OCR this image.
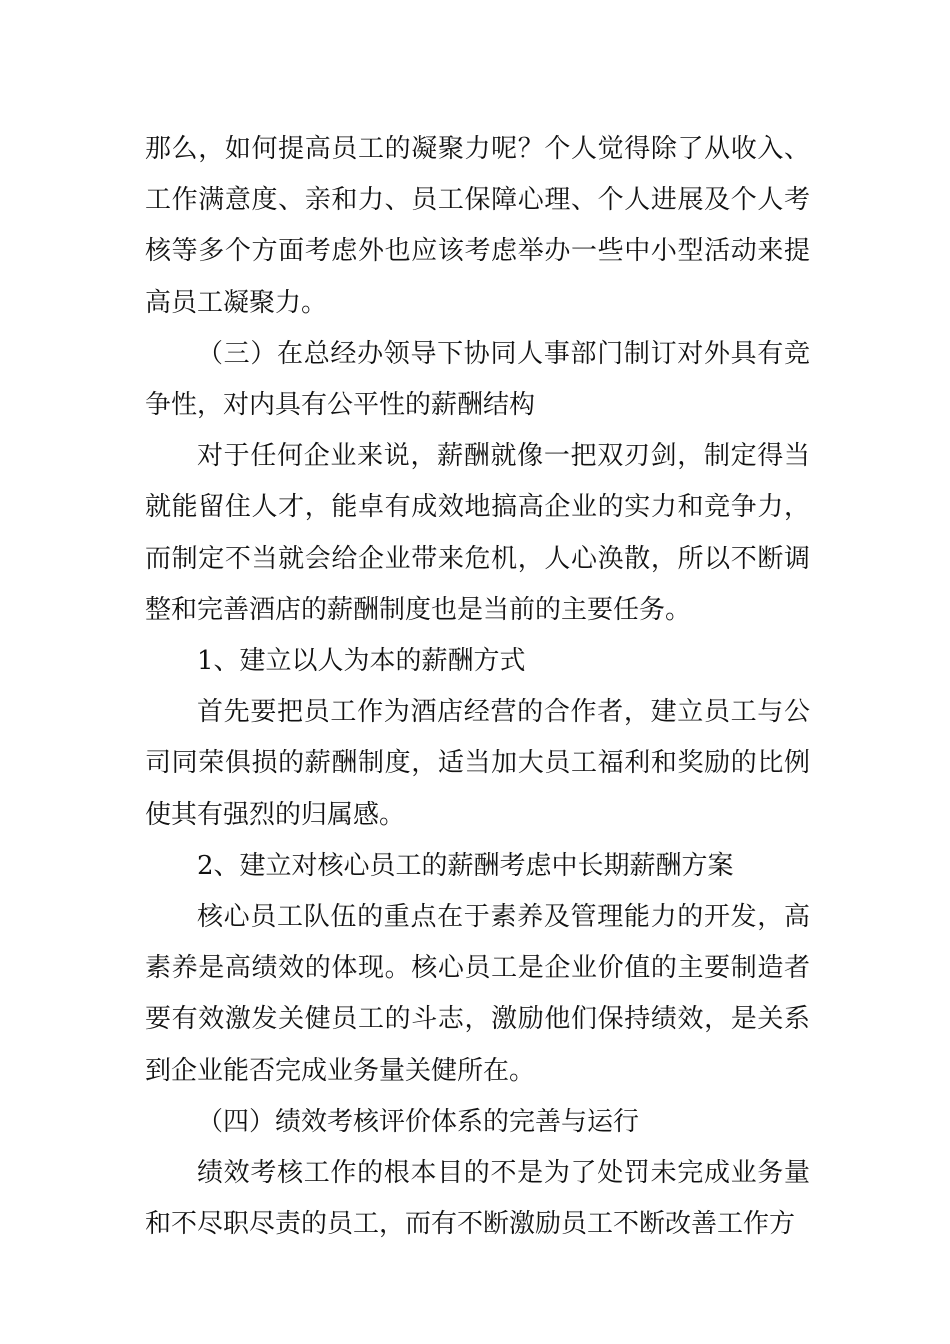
那么，如何提高员工的凝聚力呢？个人觉得除了从收入、工作满意度、亲和力、员工保障心理、个人进展及个人考核等多个方面考虑外也应该考虑举办一些中小型活动来提高员工凝聚力。

（三）在总经办领导下协同人事部门制订对外具有竞争性，对内具有公平性的薪酬结构

对于任何企业来说，薪酬就像一把双刃剑，制定得当就能留住人才，能卓有成效地搞高企业的实力和竞争力，而制定不当就会给企业带来危机，人心涣散，所以不断调整和完善酒店的薪酬制度也是当前的主要任务。

1、建立以人为本的薪酬方式

首先要把员工作为酒店经营的合作者，建立员工与公司同荣俱损的薪酬制度，适当加大员工福利和奖励的比例使其有强烈的归属感。

2、建立对核心员工的薪酬考虑中长期薪酬方案

核心员工队伍的重点在于素养及管理能力的开发，高素养是高绩效的体现。核心员工是企业价值的主要制造者要有效激发关健员工的斗志，激励他们保持绩效，是关系到企业能否完成业务量关健所在。

（四）绩效考核评价体系的完善与运行

绩效考核工作的根本目的不是为了处罚未完成业务量和不尽职尽责的员工，而有不断激励员工不断改善工作方
